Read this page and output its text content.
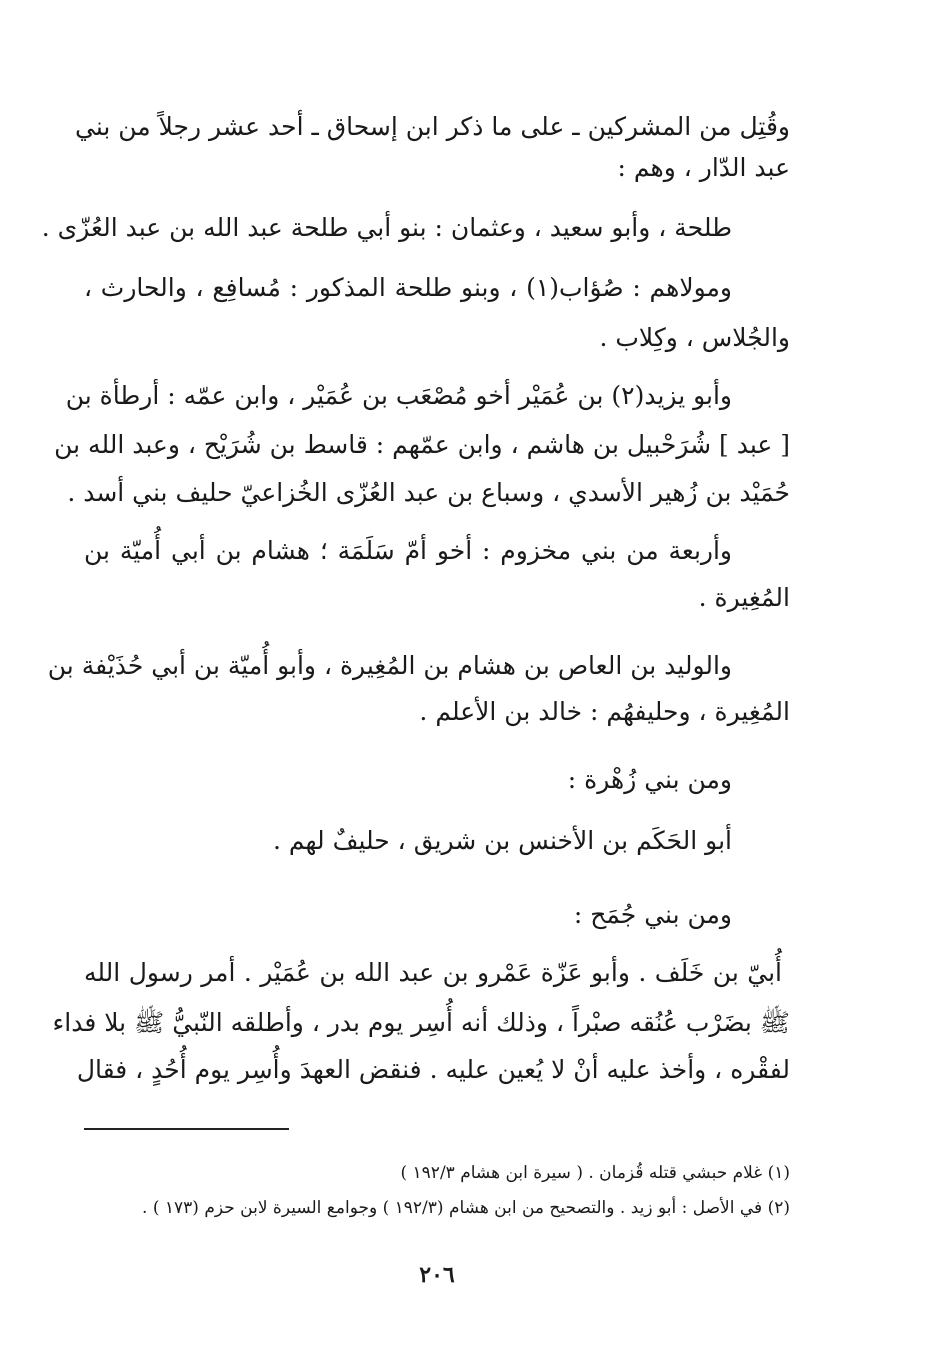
وقُتِل من المشركين ـ على ما ذكر ابن إسحاق ـ أحد عشر رجلاً من بني
عبد الدّار ، وهم :
طلحة ، وأبو سعيد ، وعثمان : بنو أبي طلحة عبد الله بن عبد العُزّى .
ومولاهم : صُؤاب(١) ، وبنو طلحة المذكور : مُسافِع ، والحارث ،
والجُلاس ، وكِلاب .
وأبو يزيد(٢) بن عُمَيْر أخو مُصْعَب بن عُمَيْر ، وابن عمّه : أرطأة بن
[ عبد ] شُرَحْبيل بن هاشم ، وابن عمّهم : قاسط بن شُرَيْح ، وعبد الله بن
حُمَيْد بن زُهير الأسدي ، وسباع بن عبد العُزّى الخُزاعيّ حليف بني أسد .
وأربعة من بني مخزوم : أخو أمّ سَلَمَة ؛ هشام بن أبي أُميّة بن
المُغِيرة .
والوليد بن العاص بن هشام بن المُغِيرة ، وأبو أُميّة بن أبي حُذَيْفة بن
المُغِيرة ، وحليفهُم : خالد بن الأعلم .
ومن بني زُهْرة :
أبو الحَكَم بن الأخنس بن شريق ، حليفٌ لهم .
ومن بني جُمَح :
أُبيّ بن خَلَف . وأبو عَزّة عَمْرو بن عبد الله بن عُمَيْر . أمر رسول الله
ﷺ بضَرْب عُنُقه صبْراً ، وذلك أنه أُسِر يوم بدر ، وأطلقه النّبيُّ ﷺ بلا فداء
لفقْره ، وأخذ عليه أنْ لا يُعين عليه . فنقض العهدَ وأُسِر يوم أُحُدٍ ، فقال
(١) غلام حبشي قتله قُزمان . ( سيرة ابن هشام ١٩٢/٣ )
(٢) في الأصل : أبو زيد . والتصحيح من ابن هشام (١٩٢/٣ ) وجوامع السيرة لابن حزم (١٧٣ ) .
٢٠٦
